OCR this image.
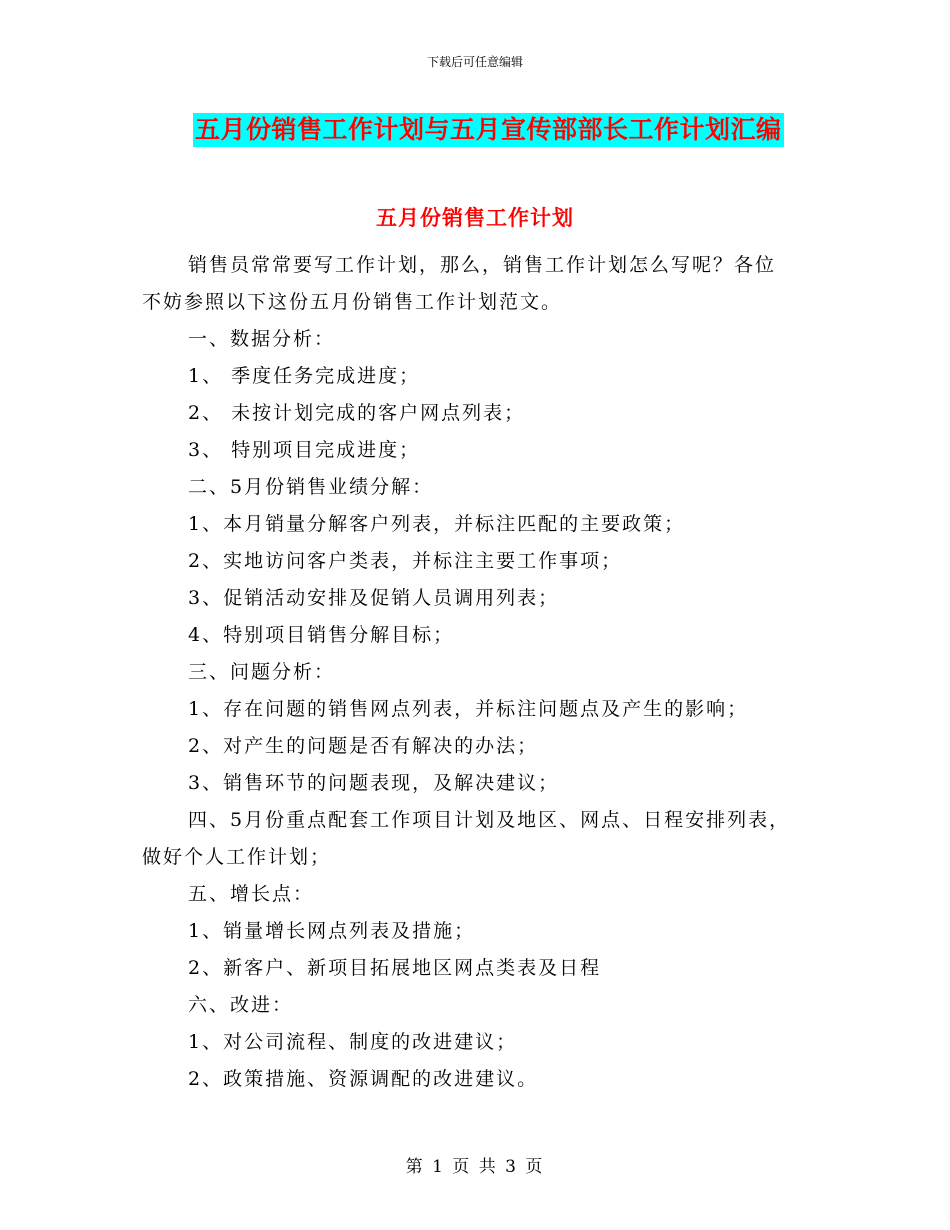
下载后可任意编辑
五月份销售工作计划与五月宣传部部长工作计划汇编
五月份销售工作计划

销售员常常要写工作计划，那么，销售工作计划怎么写呢？各位

不妨参照以下这份五月份销售工作计划范文。

一、数据分析：

1、 季度任务完成进度；

2、 未按计划完成的客户网点列表；

3、 特别项目完成进度；

二、5月份销售业绩分解：

1、本月销量分解客户列表，并标注匹配的主要政策；

2、实地访问客户类表，并标注主要工作事项；

3、促销活动安排及促销人员调用列表；

4、特别项目销售分解目标；

三、问题分析：

1、存在问题的销售网点列表，并标注问题点及产生的影响；

2、对产生的问题是否有解决的办法；

3、销售环节的问题表现，及解决建议；

四、5月份重点配套工作项目计划及地区、网点、日程安排列表，

做好个人工作计划；

五、增长点：

1、销量增长网点列表及措施；

2、新客户、新项目拓展地区网点类表及日程

六、改进：

1、对公司流程、制度的改进建议；

2、政策措施、资源调配的改进建议。

第 1 页 共 3 页
